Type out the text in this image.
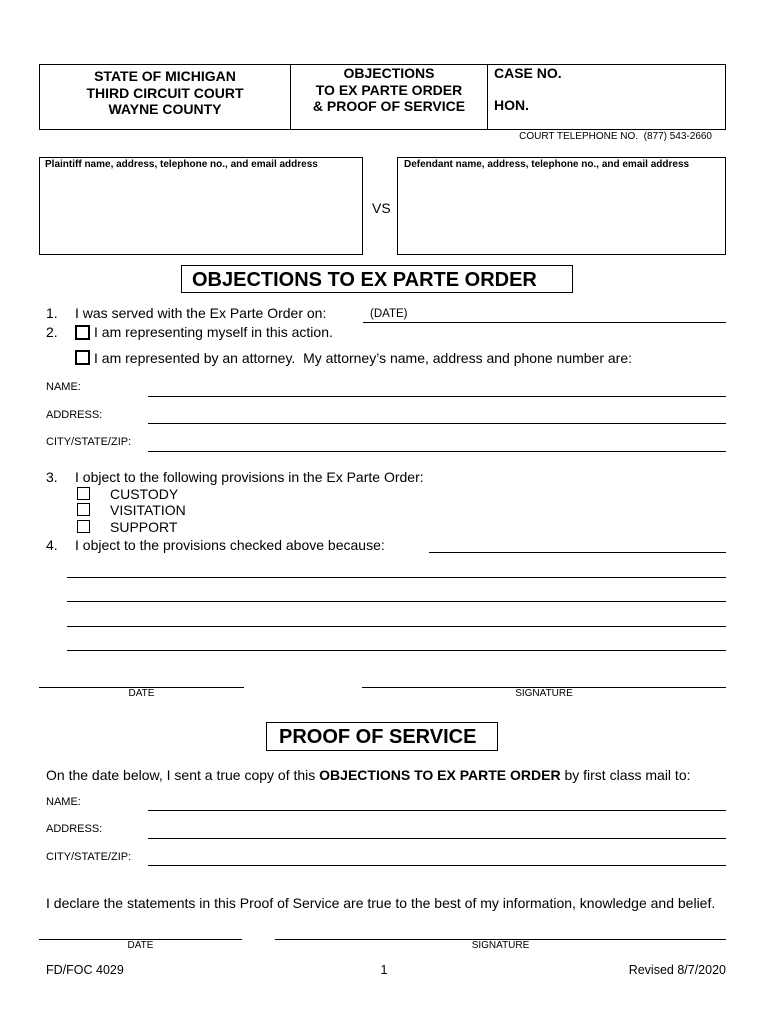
STATE OF MICHIGAN
THIRD CIRCUIT COURT
WAYNE COUNTY
OBJECTIONS
TO EX PARTE ORDER
& PROOF OF SERVICE
CASE NO.
HON.
COURT TELEPHONE NO.  (877) 543-2660
Plaintiff name, address, telephone no., and email address
VS
Defendant name, address, telephone no., and email address
OBJECTIONS TO EX PARTE ORDER
1. I was served with the Ex Parte Order on:	(DATE)
2.	I am representing myself in this action.
I am represented by an attorney.  My attorney’s name, address and phone number are:
NAME:
ADDRESS:
CITY/STATE/ZIP:
3. I object to the following provisions in the Ex Parte Order:
CUSTODY
VISITATION
SUPPORT
4. I object to the provisions checked above because:
DATE	SIGNATURE
PROOF OF SERVICE
On the date below, I sent a true copy of this OBJECTIONS TO EX PARTE ORDER by first class mail to:
NAME:
ADDRESS:
CITY/STATE/ZIP:
I declare the statements in this Proof of Service are true to the best of my information, knowledge and belief.
DATE	SIGNATURE
FD/FOC 4029	1	Revised 8/7/2020
